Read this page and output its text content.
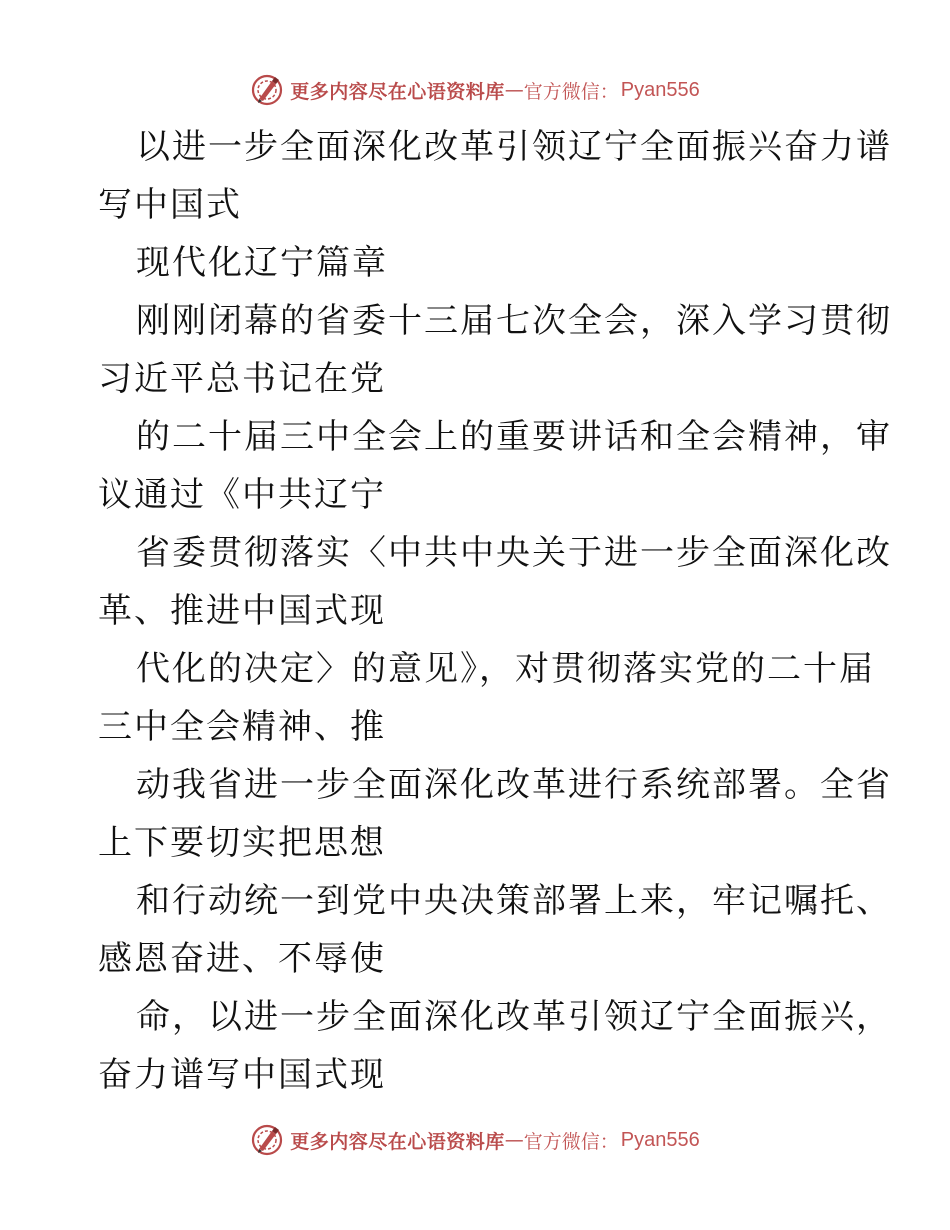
更多内容尽在心语资料库 — 官方微信： Pyan556

以进一步全面深化改革引领辽宁全面振兴奋力谱

写中国式

现代化辽宁篇章

刚刚闭幕的省委十三届七次全会，深入学习贯彻

习近平总书记在党

的二十届三中全会上的重要讲话和全会精神，审

议通过《中共辽宁

省委贯彻落实〈中共中央关于进一步全面深化改

革、推进中国式现

代化的决定〉的意见》，对贯彻落实党的二十届

三中全会精神、推

动我省进一步全面深化改革进行系统部署。全省

上下要切实把思想

和行动统一到党中央决策部署上来，牢记嘱托、

感恩奋进、不辱使

命，以进一步全面深化改革引领辽宁全面振兴，

奋力谱写中国式现

更多内容尽在心语资料库 — 官方微信： Pyan556
